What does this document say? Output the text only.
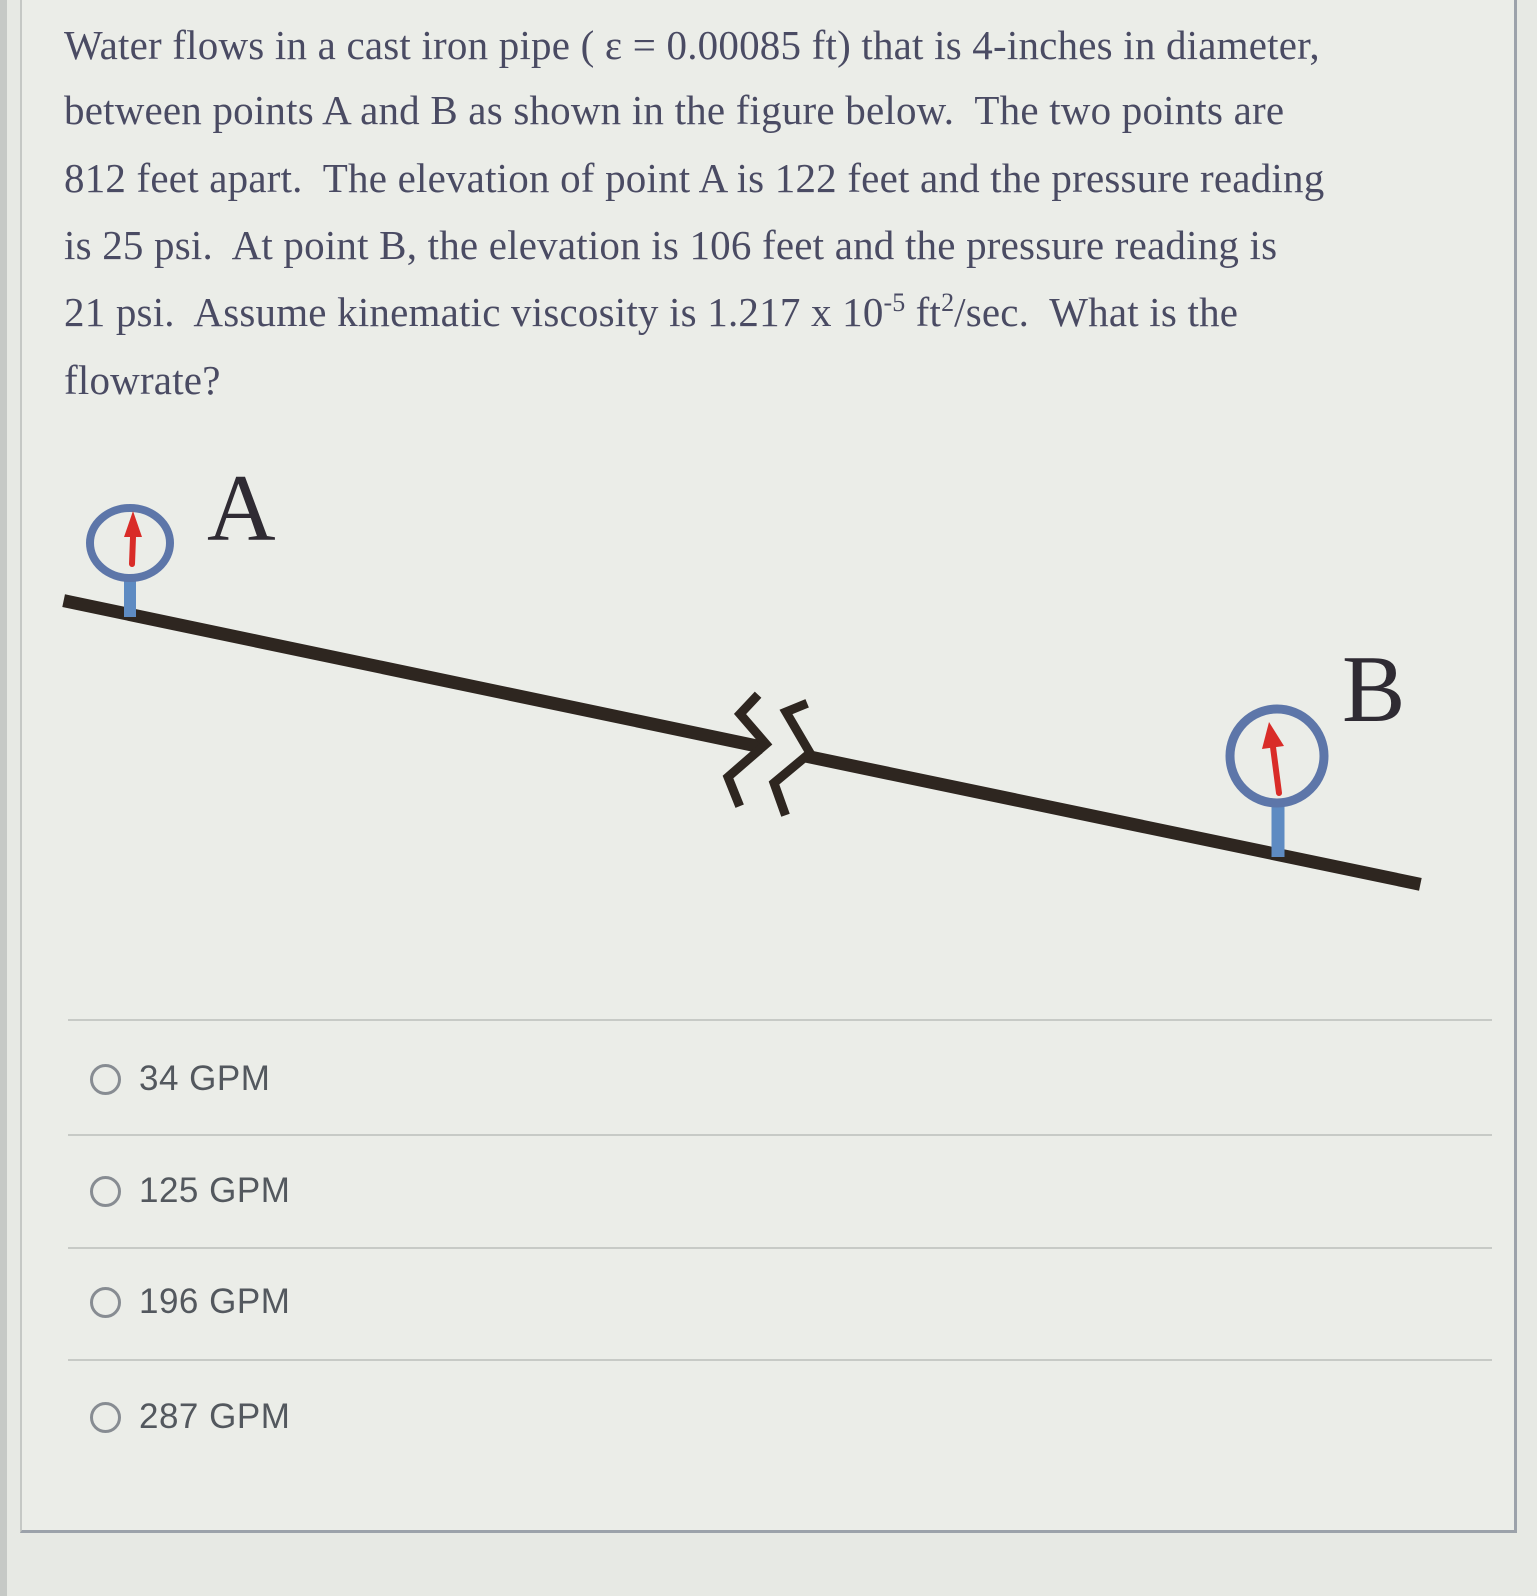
Water flows in a cast iron pipe ( ε = 0.00085 ft) that is 4-inches in diameter,
between points A and B as shown in the figure below.  The two points are
812 feet apart.  The elevation of point A is 122 feet and the pressure reading
is 25 psi.  At point B, the elevation is 106 feet and the pressure reading is
21 psi.  Assume kinematic viscosity is 1.217 x $10^{-5}$ $ft^2/\sec$.  What is the
flowrate?
A
B
34 GPM
125 GPM
196 GPM
287 GPM
